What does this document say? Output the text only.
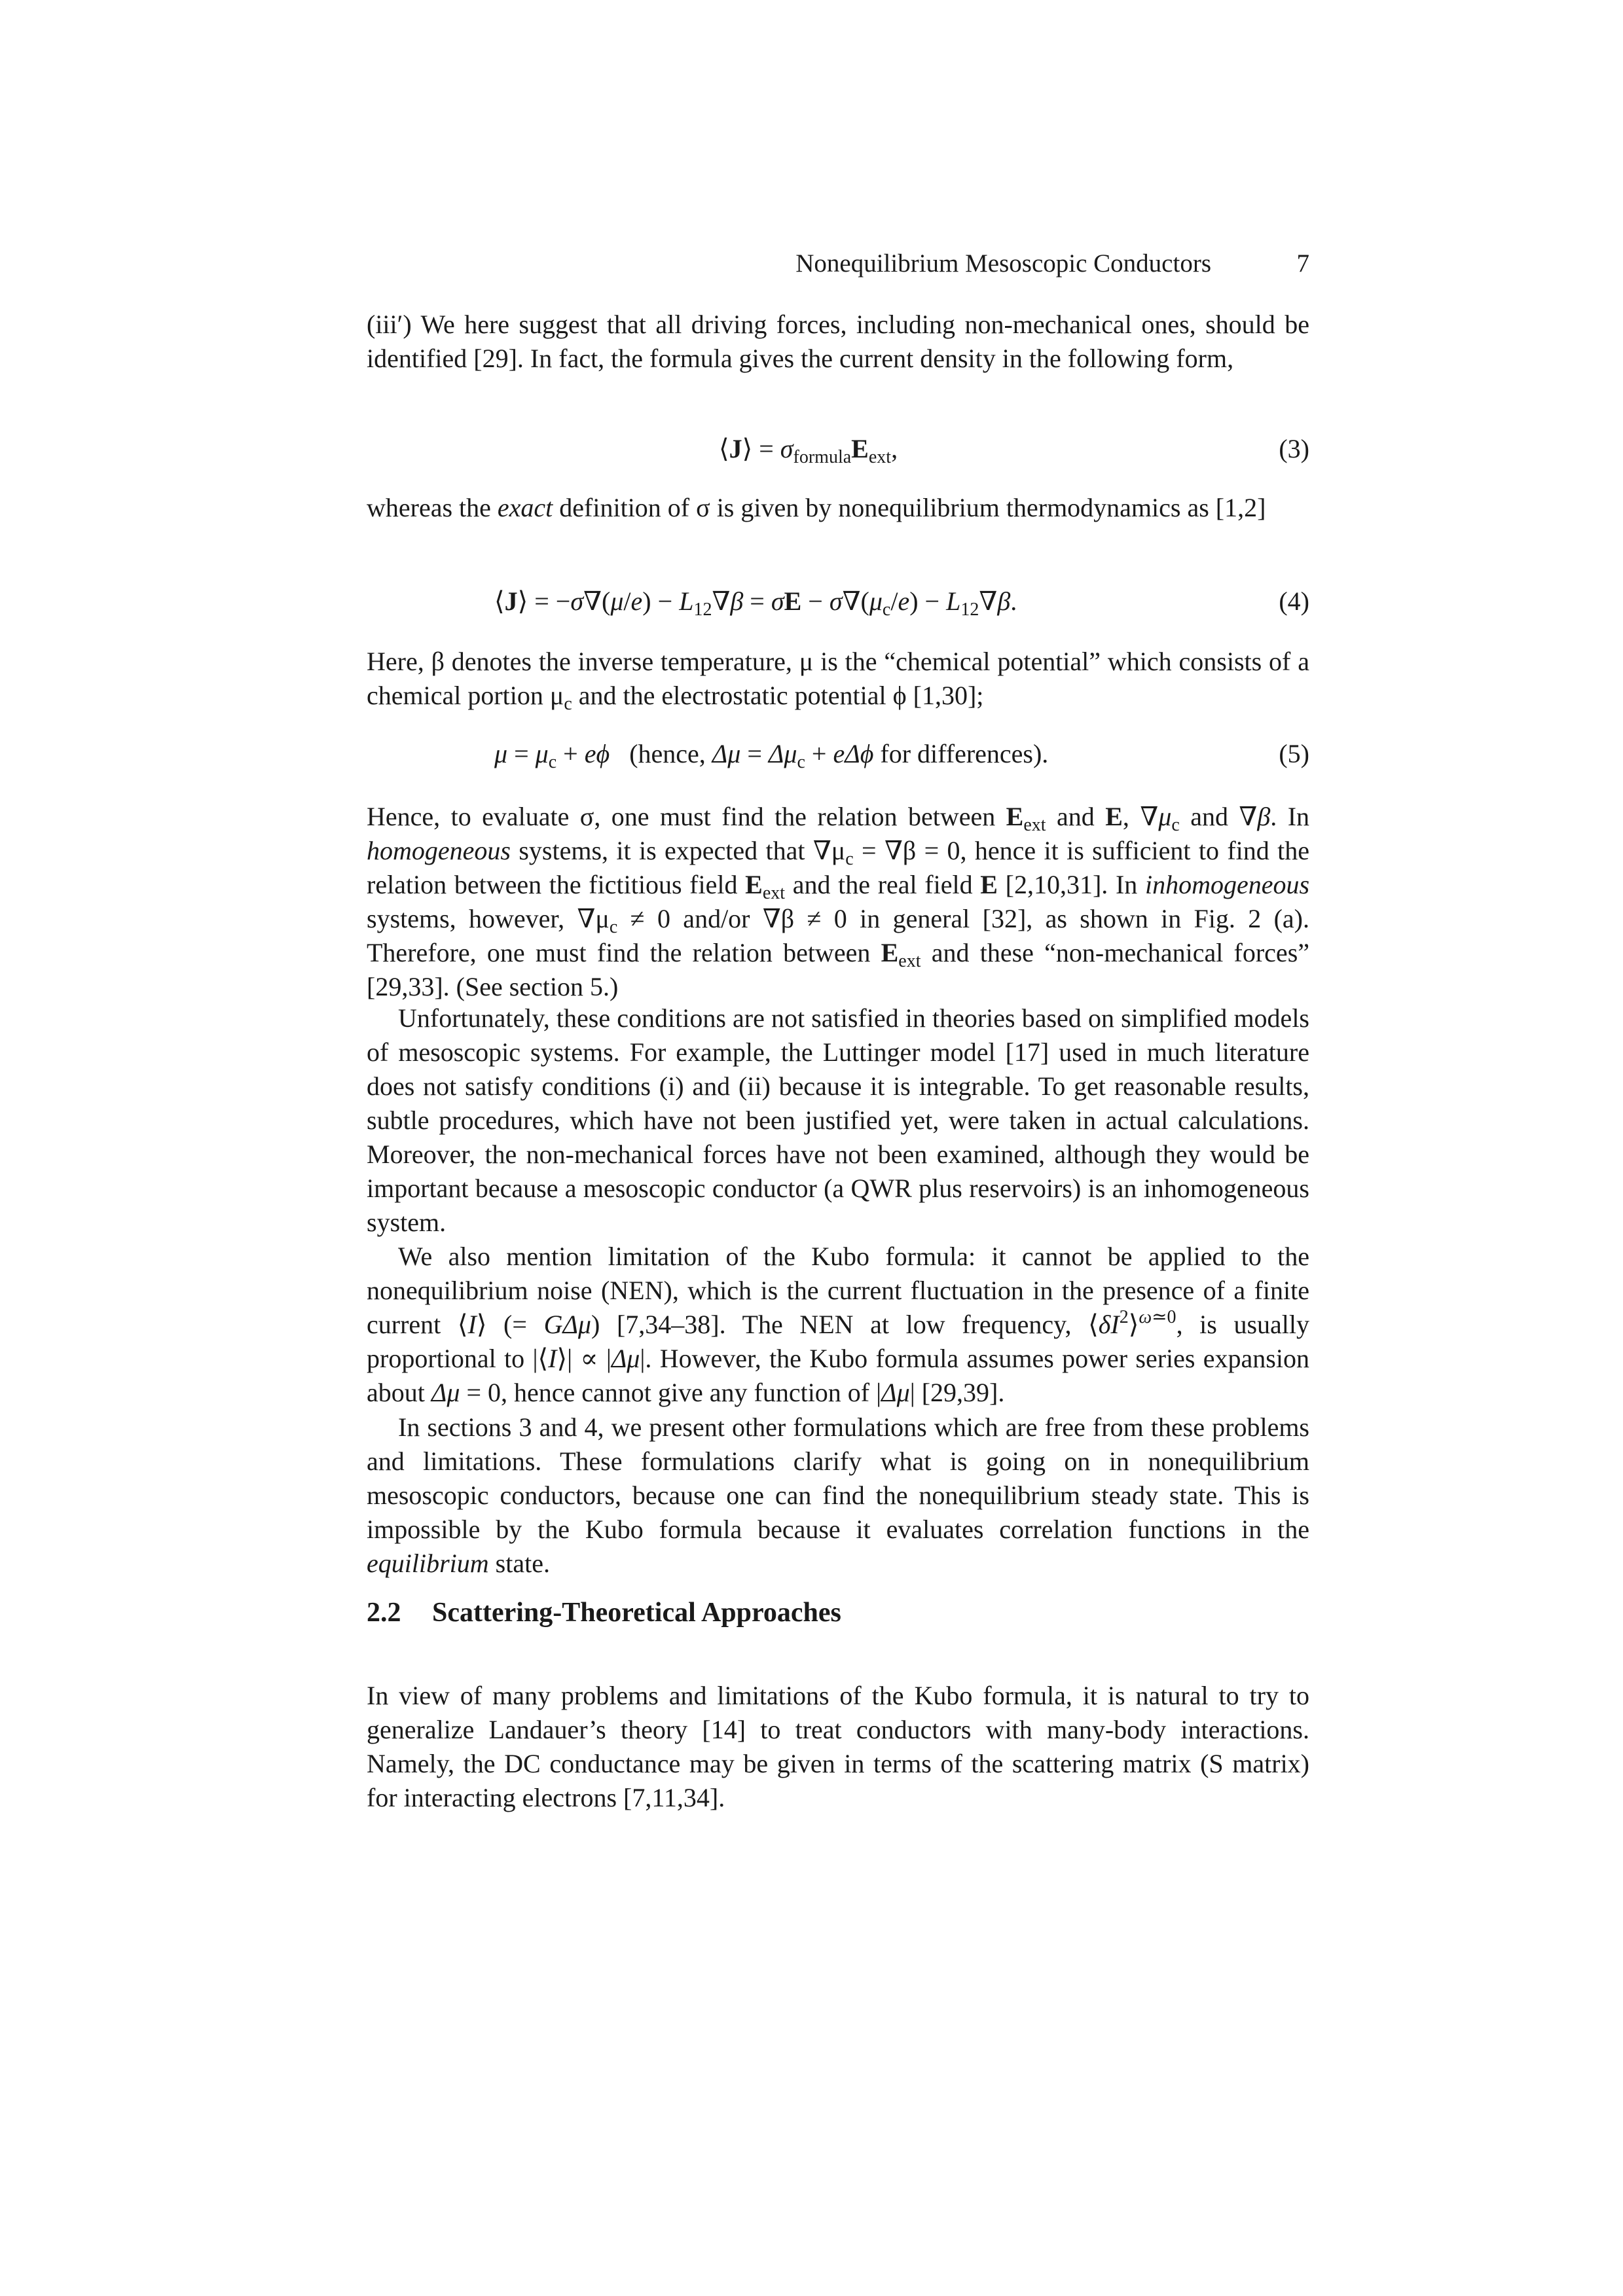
Nonequilibrium Mesoscopic Conductors	7

(iii′) We here suggest that all driving forces, including non-mechanical ones, should be identified [29]. In fact, the formula gives the current density in the following form,

⟨J⟩ = $\sigma_{formula}E_{ext}$,	(3)

whereas the exact definition of σ is given by nonequilibrium thermodynamics as [1,2]

⟨J⟩ = $-\sigma\nabla(\mu/e) - L_{12}\nabla\beta = \sigma E - \sigma\nabla(\mu_c/e) - L_{12}\nabla\beta$.	(4)

Here, β denotes the inverse temperature, μ is the “chemical potential” which consists of a chemical portion $\mu_c$ and the electrostatic potential ϕ [1,30];

$\mu = \mu_c + e\phi$ (hence, $\Delta\mu = \Delta\mu_c + e\Delta\phi$ for differences).	(5)

Hence, to evaluate σ, one must find the relation between $E_{ext}$ and E, $\nabla\mu_c$ and ∇β. In homogeneous systems, it is expected that $\nabla\mu_c = \nabla\beta = 0$, hence it is sufficient to find the relation between the fictitious field $E_{ext}$ and the real field E [2,10,31]. In inhomogeneous systems, however, $\nabla\mu_c \ne 0$ and/or ∇β ≠ 0 in general [32], as shown in Fig. 2 (a). Therefore, one must find the relation between $E_{ext}$ and these “non-mechanical forces” [29,33]. (See section 5.)

Unfortunately, these conditions are not satisfied in theories based on simplified models of mesoscopic systems. For example, the Luttinger model [17] used in much literature does not satisfy conditions (i) and (ii) because it is integrable. To get reasonable results, subtle procedures, which have not been justified yet, were taken in actual calculations. Moreover, the non-mechanical forces have not been examined, although they would be important because a mesoscopic conductor (a QWR plus reservoirs) is an inhomogeneous system.

We also mention limitation of the Kubo formula: it cannot be applied to the nonequilibrium noise (NEN), which is the current fluctuation in the presence of a finite current ⟨I⟩ (= GΔμ) [7,34–38]. The NEN at low frequency, $⟨\delta I^2⟩^{\omega≃0}$, is usually proportional to |⟨I⟩| ∝ |Δμ|. However, the Kubo formula assumes power series expansion about Δμ = 0, hence cannot give any function of |Δμ| [29,39].

In sections 3 and 4, we present other formulations which are free from these problems and limitations. These formulations clarify what is going on in nonequilibrium mesoscopic conductors, because one can find the nonequilibrium steady state. This is impossible by the Kubo formula because it evaluates correlation functions in the equilibrium state.

2.2 Scattering-Theoretical Approaches

In view of many problems and limitations of the Kubo formula, it is natural to try to generalize Landauer’s theory [14] to treat conductors with many-body interactions. Namely, the DC conductance may be given in terms of the scattering matrix (S matrix) for interacting electrons [7,11,34].
